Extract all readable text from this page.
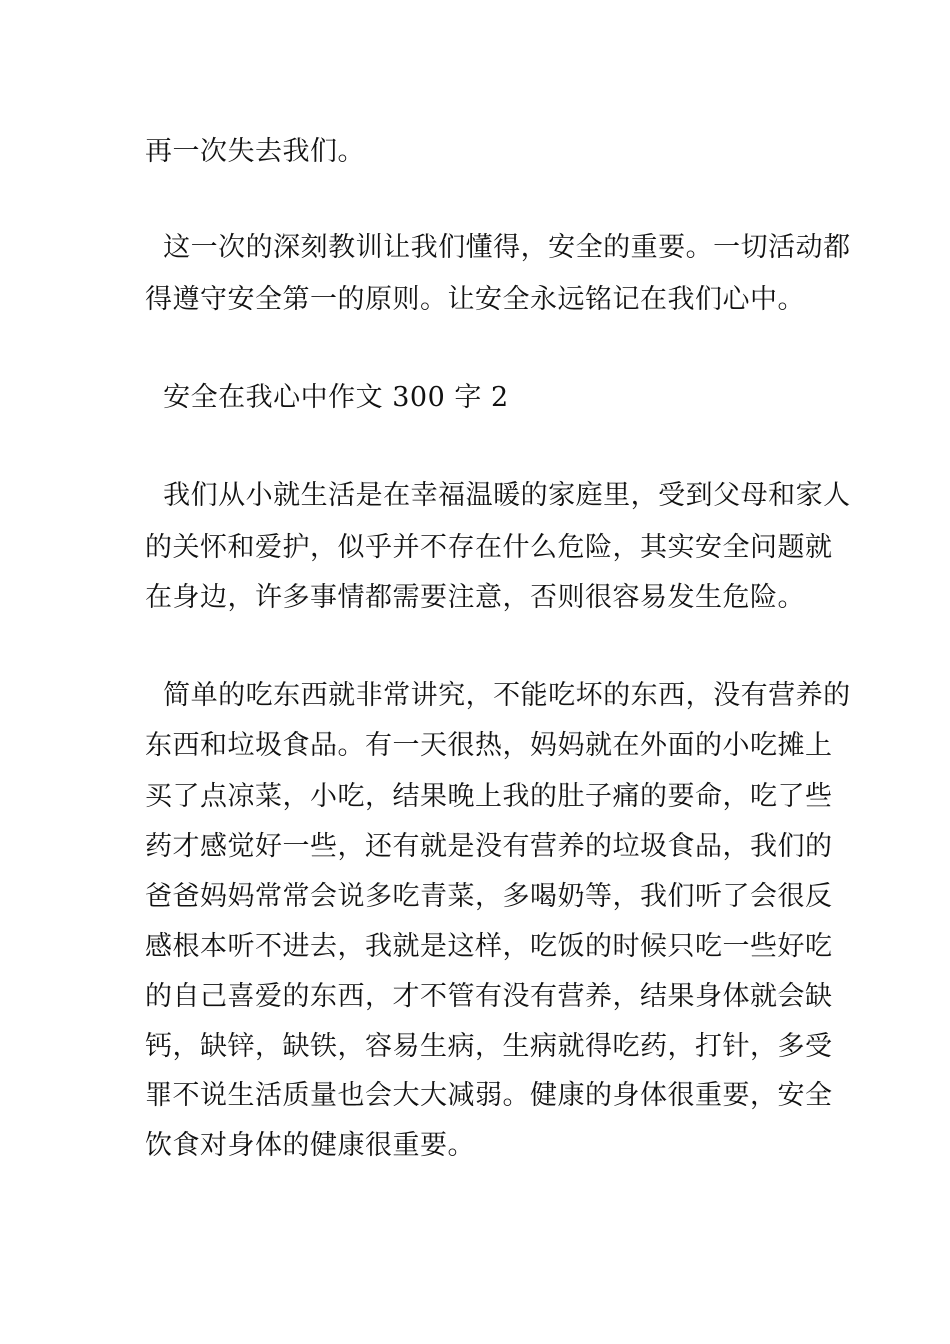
再一次失去我们。
这一次的深刻教训让我们懂得，安全的重要。一切活动都
得遵守安全第一的原则。让安全永远铭记在我们心中。
安全在我心中作文 300 字 2
我们从小就生活是在幸福温暖的家庭里，受到父母和家人
的关怀和爱护，似乎并不存在什么危险，其实安全问题就
在身边，许多事情都需要注意，否则很容易发生危险。
简单的吃东西就非常讲究，不能吃坏的东西，没有营养的
东西和垃圾食品。有一天很热，妈妈就在外面的小吃摊上
买了点凉菜，小吃，结果晚上我的肚子痛的要命，吃了些
药才感觉好一些，还有就是没有营养的垃圾食品，我们的
爸爸妈妈常常会说多吃青菜，多喝奶等，我们听了会很反
感根本听不进去，我就是这样，吃饭的时候只吃一些好吃
的自己喜爱的东西，才不管有没有营养，结果身体就会缺
钙，缺锌，缺铁，容易生病，生病就得吃药，打针，多受
罪不说生活质量也会大大减弱。健康的身体很重要，安全
饮食对身体的健康很重要。
